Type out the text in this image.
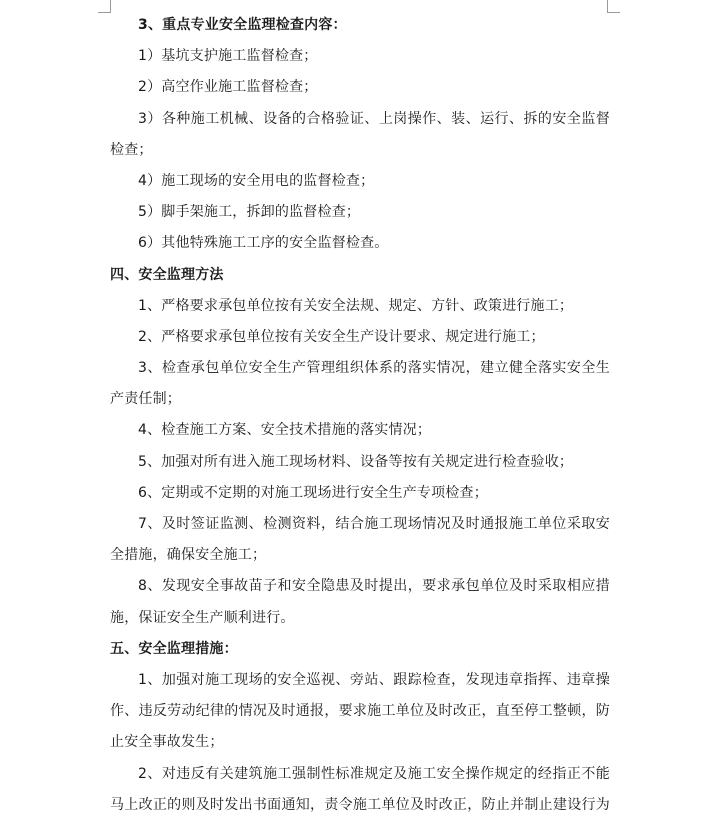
3、重点专业安全监理检查内容：
1）基坑支护施工监督检查；
2）高空作业施工监督检查；
3）各种施工机械、设备的合格验证、上岗操作、装、运行、拆的安全监督
检查；
4）施工现场的安全用电的监督检查；
5）脚手架施工，拆卸的监督检查；
6）其他特殊施工工序的安全监督检查。
四、安全监理方法
1、严格要求承包单位按有关安全法规、规定、方针、政策进行施工；
2、严格要求承包单位按有关安全生产设计要求、规定进行施工；
3、检查承包单位安全生产管理组织体系的落实情况，建立健全落实安全生
产责任制；
4、检查施工方案、安全技术措施的落实情况；
5、加强对所有进入施工现场材料、设备等按有关规定进行检查验收；
6、定期或不定期的对施工现场进行安全生产专项检查；
7、及时签证监测、检测资料，结合施工现场情况及时通报施工单位采取安
全措施，确保安全施工；
8、发现安全事故苗子和安全隐患及时提出，要求承包单位及时采取相应措
施，保证安全生产顺利进行。
五、安全监理措施：
1、加强对施工现场的安全巡视、旁站、跟踪检查，发现违章指挥、违章操
作、违反劳动纪律的情况及时通报，要求施工单位及时改正，直至停工整顿，防
止安全事故发生；
2、对违反有关建筑施工强制性标准规定及施工安全操作规定的经指正不能
马上改正的则及时发出书面通知，责令施工单位及时改正，防止并制止建设行为
